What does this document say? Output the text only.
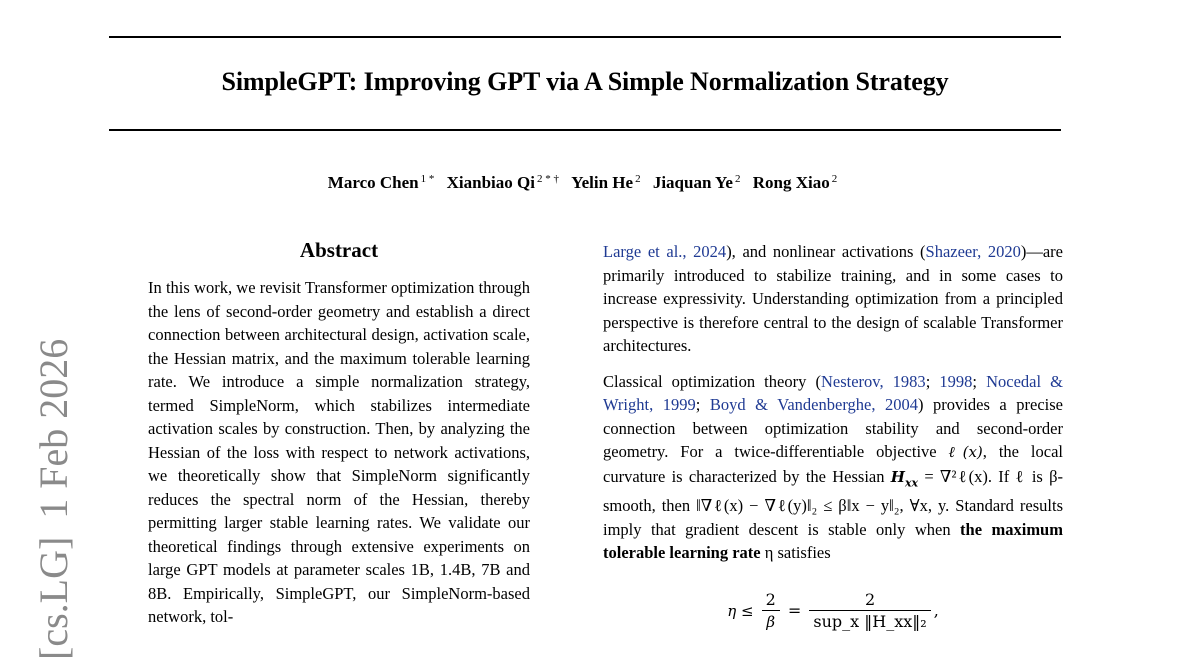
SimpleGPT: Improving GPT via A Simple Normalization Strategy
Marco Chen $^{1 *}$ Xianbiao Qi $^{2 * \dagger}$ Yelin He $^2$ Jiaquan Ye $^2$ Rong Xiao $^2$
[cs.LG]1 Feb 2026
Abstract

In this work, we revisit Transformer optimization through the lens of second-order geometry and establish a direct connection between architectural design, activation scale, the Hessian matrix, and the maximum tolerable learning rate. We introduce a simple normalization strategy, termed SimpleNorm, which stabilizes intermediate activation scales by construction. Then, by analyzing the Hessian of the loss with respect to network activations, we theoretically show that SimpleNorm significantly reduces the spectral norm of the Hessian, thereby permitting larger stable learning rates. We validate our theoretical findings through extensive experiments on large GPT models at parameter scales 1B, 1.4B, 7B and 8B. Empirically, SimpleGPT, our SimpleNorm-based network, tol-

Large et al., 2024), and nonlinear activations (Shazeer, 2020)—are primarily introduced to stabilize training, and in some cases to increase expressivity. Understanding optimization from a principled perspective is therefore central to the design of scalable Transformer architectures.

Classical optimization theory (Nesterov, 1983; 1998; Nocedal & Wright, 1999; Boyd & Vandenberghe, 2004) provides a precise connection between optimization stability and second-order geometry. For a twice-differentiable objective ℓ(x), the local curvature is characterized by the Hessian $H_{xx}$ = ∇²ℓ(x). If ℓ is β-smooth, then ‖∇ℓ(x) − ∇ℓ(y)‖₂ ≤ β‖x − y‖₂, ∀x, y. Standard results imply that gradient descent is stable only when the maximum tolerable learning rate η satisfies

$\eta \le \frac{2}{\beta} = \frac{2}{\text{sup\_x ‖H\_xx‖₂}}$ ,
